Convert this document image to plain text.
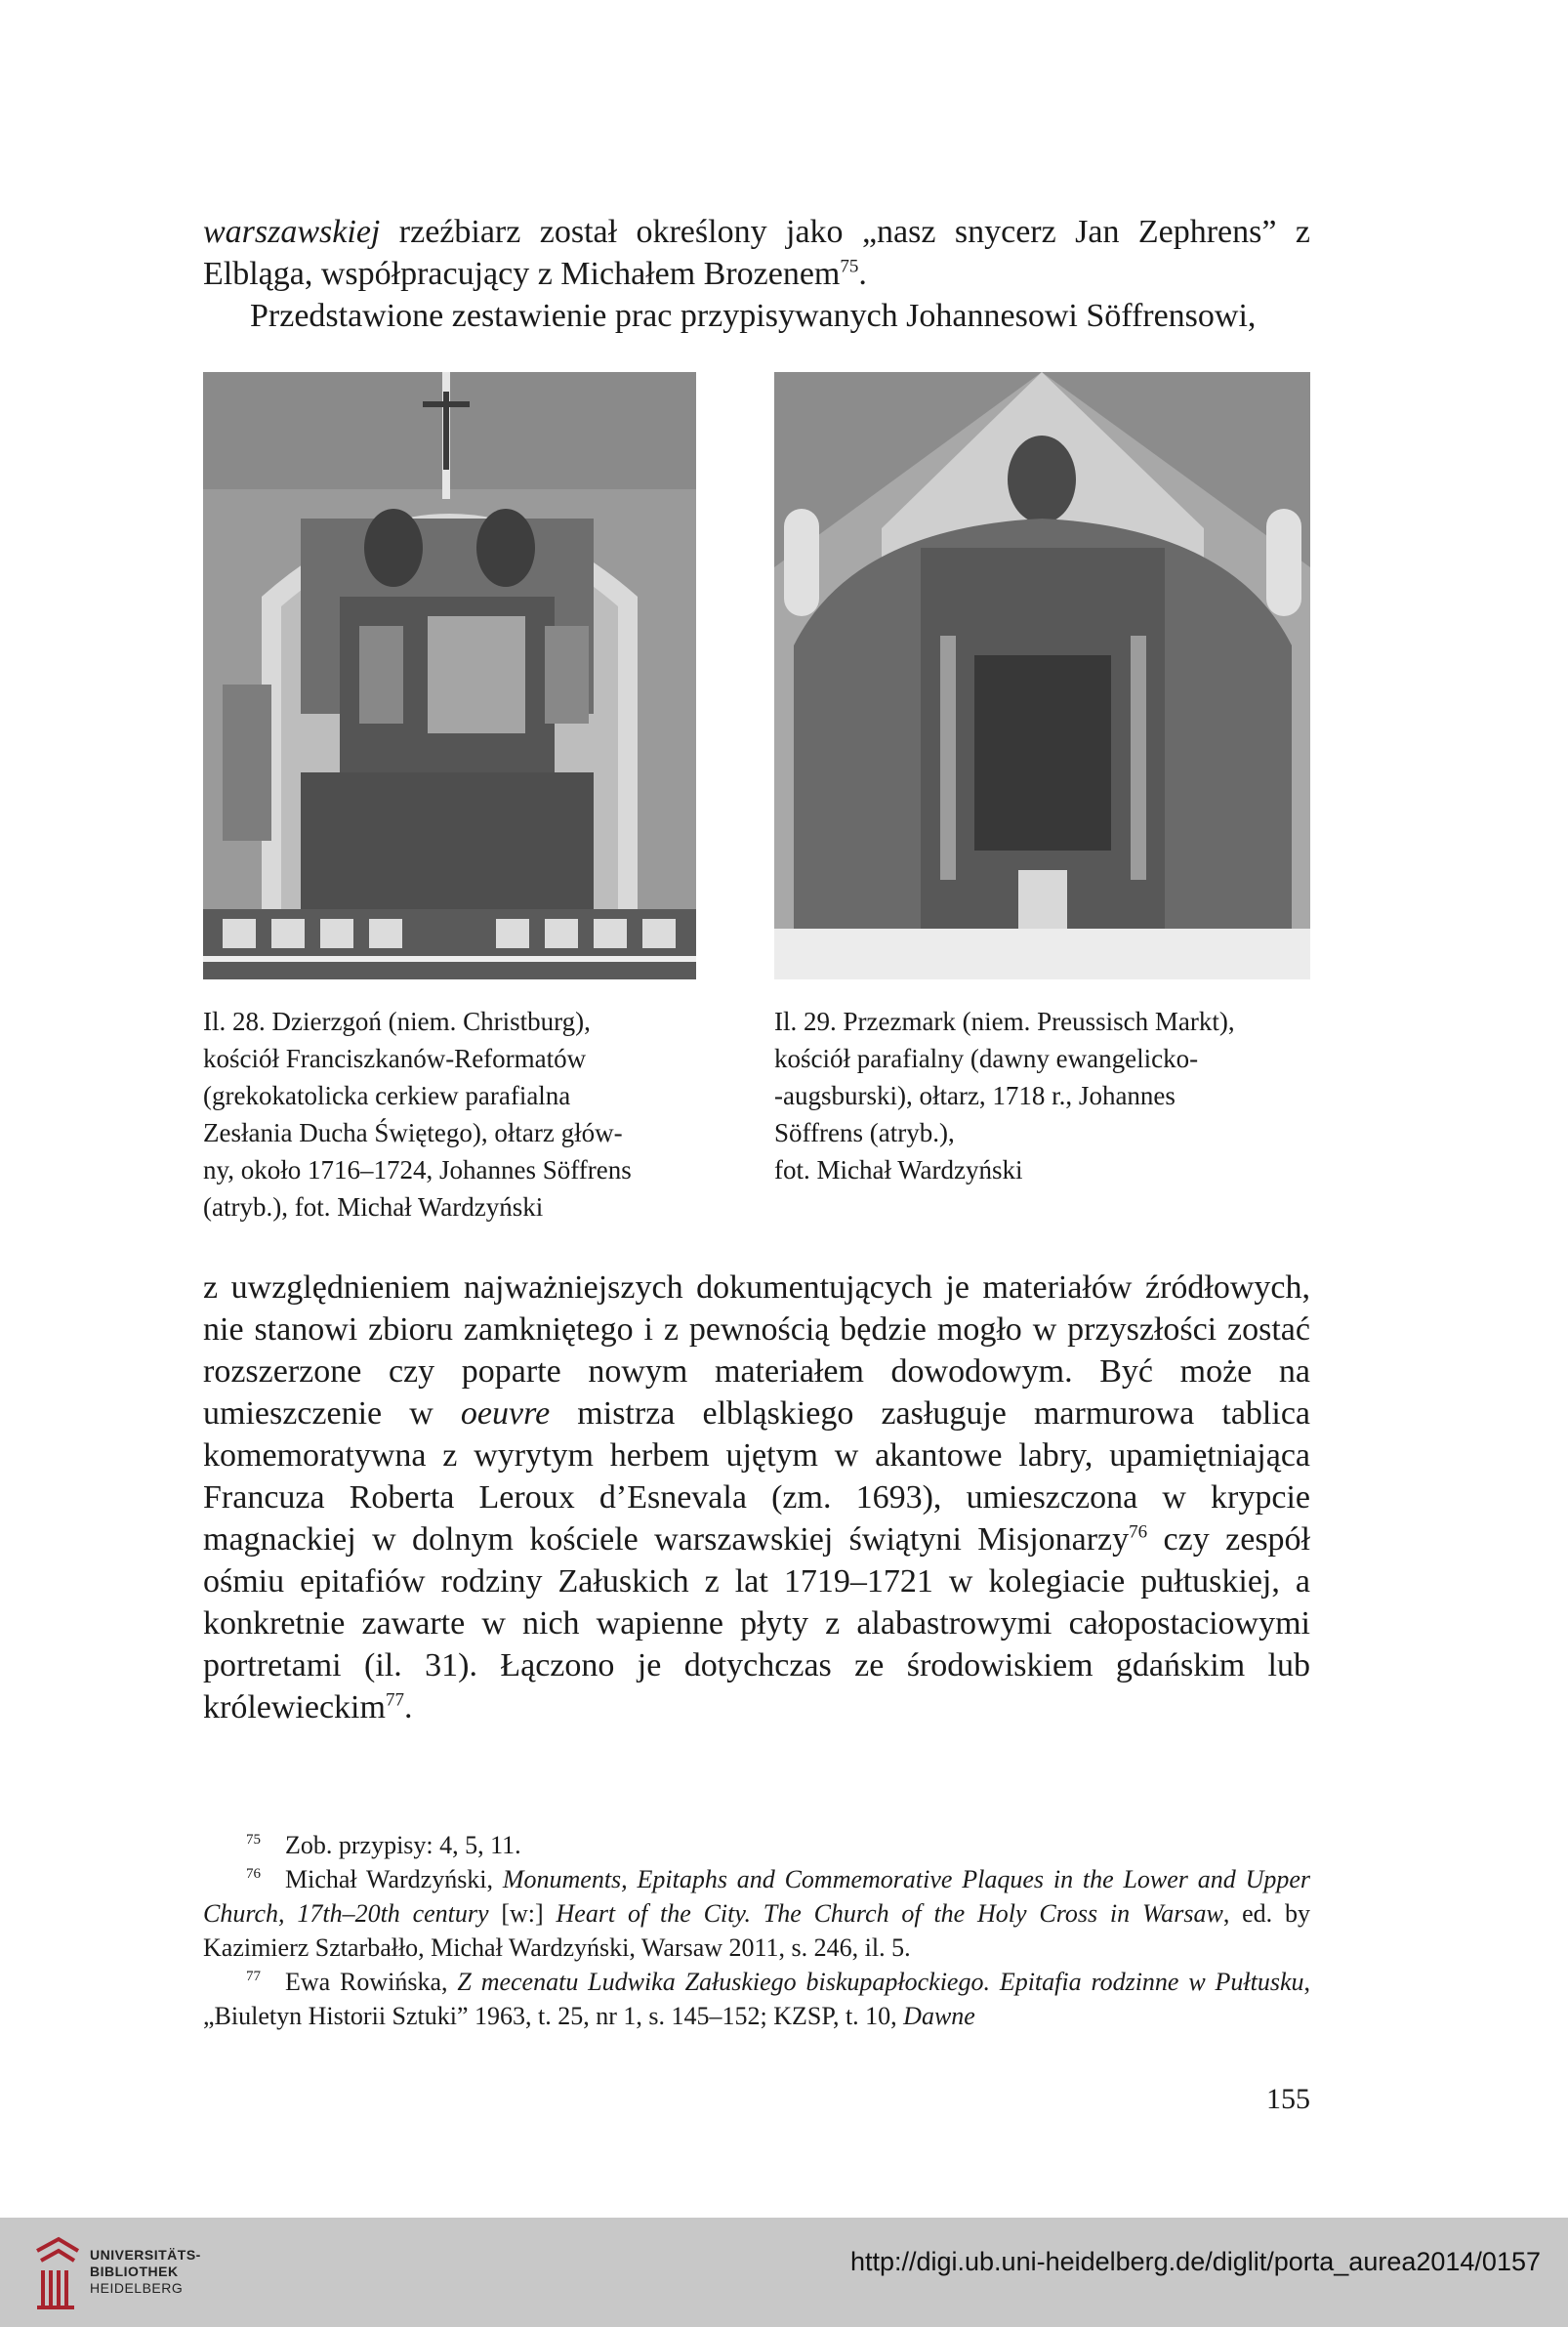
warszawskiej rzeźbiarz został określony jako „nasz snycerz Jan Zephrens” z Elbląga, współpracujący z Michałem Brozenem$^{75}$.

Przedstawione zestawienie prac przypisywanych Johannesowi Söffrensowi,

Il. 28. Dzierzgoń (niem. Christburg),
kościół Franciszkanów-Reformatów
(grekokatolicka cerkiew parafialna
Zesłania Ducha Świętego), ołtarz głów-
ny, około 1716–1724, Johannes Söffrens
(atryb.), fot. Michał Wardzyński
Il. 29. Przezmark (niem. Preussisch Markt),
kościół parafialny (dawny ewangelicko-
-augsburski), ołtarz, 1718 r., Johannes
Söffrens (atryb.),
fot. Michał Wardzyński

z uwzględnieniem najważniejszych dokumentujących je materiałów źródłowych, nie stanowi zbioru zamkniętego i z pewnością będzie mogło w przyszłości zostać rozszerzone czy poparte nowym materiałem dowodowym. Być może na umieszczenie w oeuvre mistrza elbląskiego zasługuje marmurowa tablica komemoratywna z wyrytym herbem ujętym w akantowe labry, upamiętniająca Francuza Roberta Leroux d’Esnevala (zm. 1693), umieszczona w krypcie magnackiej w dolnym kościele warszawskiej świątyni Misjonarzy$^{76}$ czy zespół ośmiu epitafiów rodziny Załuskich z lat 1719–1721 w kolegiacie pułtuskiej, a konkretnie zawarte w nich wapienne płyty z alabastrowymi całopostaciowymi portretami (il. 31). Łączono je dotychczas ze środowiskiem gdańskim lub królewieckim$^{77}$.

75 Zob. przypisy: 4, 5, 11.

76 Michał Wardzyński, Monuments, Epitaphs and Commemorative Plaques in the Lower and Upper Church, 17th–20th century [w:] Heart of the City. The Church of the Holy Cross in Warsaw, ed. by Kazimierz Sztarbałło, Michał Wardzyński, Warsaw 2011, s. 246, il. 5.

77 Ewa Rowińska, Z mecenatu Ludwika Załuskiego biskupapłockiego. Epitafia rodzinne w Pułtusku, „Biuletyn Historii Sztuki” 1963, t. 25, nr 1, s. 145–152; KZSP, t. 10, Dawne

155
UNIVERSITÄTS-
BIBLIOTHEK
HEIDELBERG
http://digi.ub.uni-heidelberg.de/diglit/porta_aurea2014/0157
